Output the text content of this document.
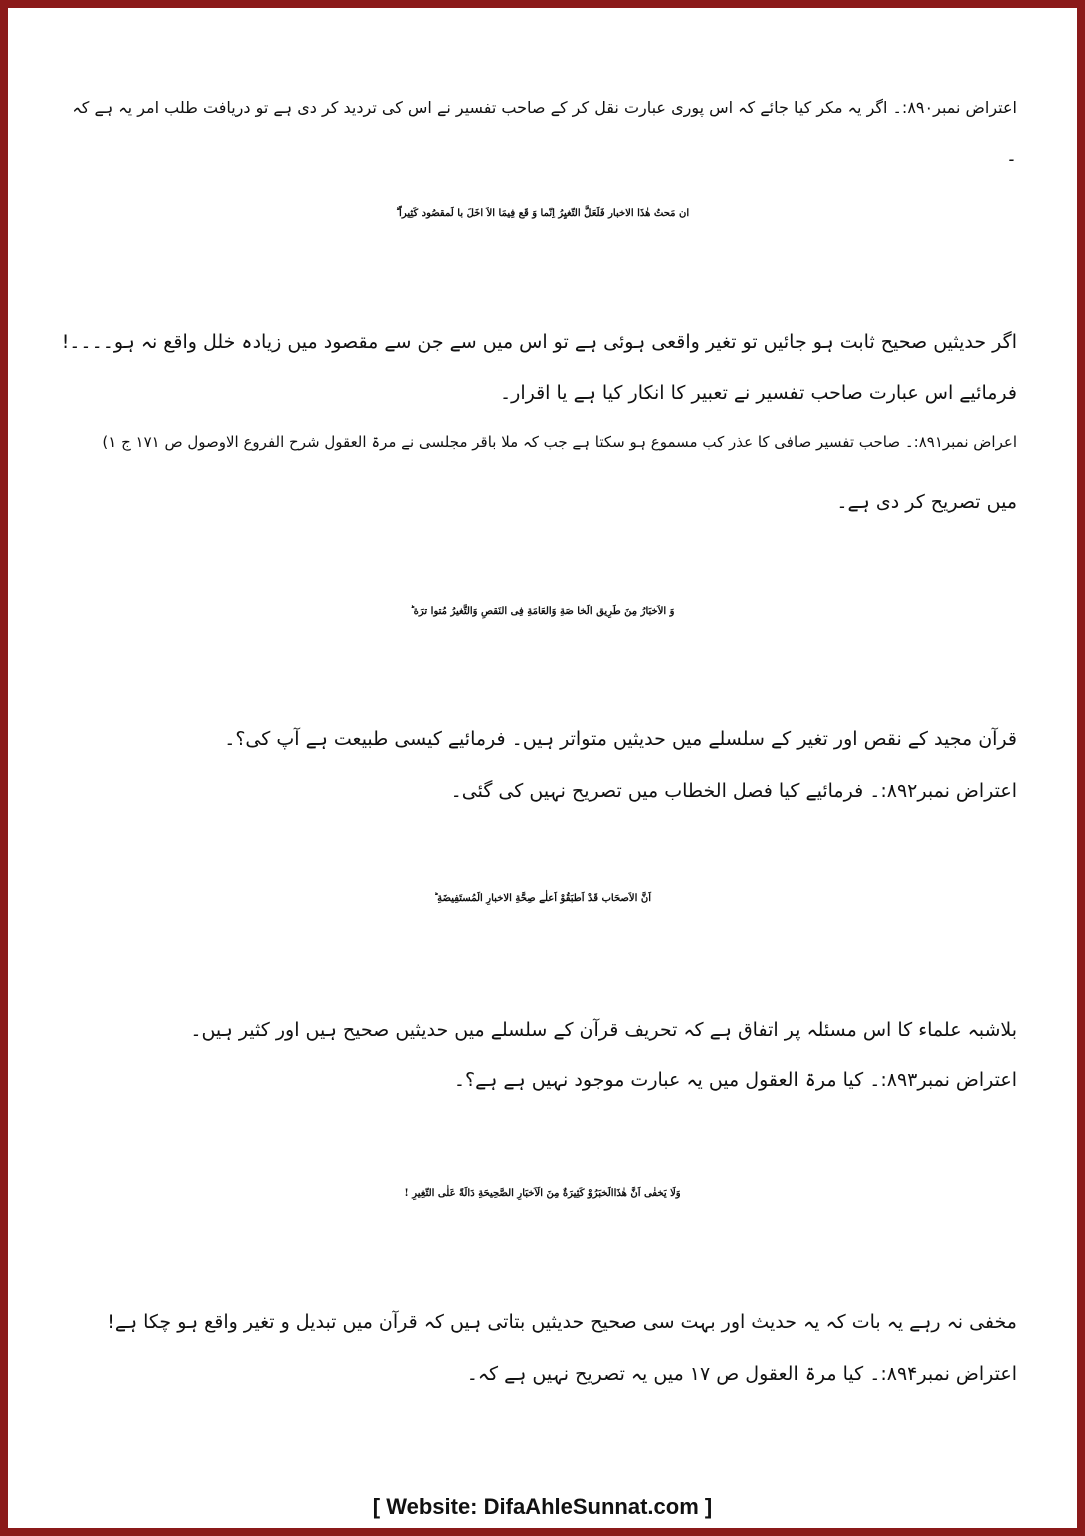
اعتراض نمبر۸۹۰:۔ اگر یہ مکر کیا جائے کہ اس پوری عبارت نقل کر کے صاحب تفسیر نے اس کی تردید کر دی ہے تو دریافت طلب امر یہ ہے کہ
۔
ان مَحتُ هٰذَا الاخبار فَلَعَلَّ التّغیِرُ اِنّما وَ قَع فِیمَا الاَ اخَلَ با لَمقصُود کَثِیراً ؕ
اگر حدیثیں صحیح ثابت ہو جائیں تو تغیر واقعی ہوئی ہے تو اس میں سے جن سے مقصود میں زیادہ خلل واقع نہ ہو۔۔۔۔!
فرمائیے اس عبارت صاحب تفسیر نے تعبیر کا انکار کیا ہے یا اقرار۔
اعراض نمبر۸۹۱:۔ صاحب تفسیر صافی کا عذر کب مسموع ہو سکتا ہے جب کہ ملا باقر مجلسی نے مرۃ العقول شرح الفروع الاوصول ص ۱۷۱ ج ۱)
میں تصریح کر دی ہے۔
وَ الاَخبَارُ مِنَ طَرِیق الَخا صَةِ وَالعَامَةِ فِی النَقصِ وَالتَّغیرُ مُتوا ترَة ؕ
قرآن مجید کے نقص اور تغیر کے سلسلے میں حدیثیں متواتر ہیں۔ فرمائیے کیسی طبیعت ہے آپ کی؟۔
اعتراض نمبر۸۹۲:۔ فرمائیے کیا فصل الخطاب میں تصریح نہیں کی گئی۔
اَنَّ الاَصحَاب قَدْ اَطبَقُوْ اَعلٰے صِحَّةِ الاخبارِ الَمُستَفِیضَةِ ؕ
بلاشبہ علماء کا اس مسئلہ پر اتفاق ہے کہ تحریف قرآن کے سلسلے میں حدیثیں صحیح ہیں اور کثیر ہیں۔
اعتراض نمبر۸۹۳:۔ کیا مرۃ العقول میں یہ عبارت موجود نہیں ہے ہے؟۔
وَلَا یَخفٰی اَنَّ هٰذَاالَخبَرُوْ کَثِیرَةٌ مِنَ الَاَخبَارِ الصَّحِیحَةِ دَالَةً عَلٰی التّغِیرِ !
مخفی نہ رہے یہ بات کہ یہ حدیث اور بہت سی صحیح حدیثیں بتاتی ہیں کہ قرآن میں تبدیل و تغیر واقع ہو چکا ہے!
اعتراض نمبر۸۹۴:۔ کیا مرۃ العقول ص ۱۷ میں یہ تصریح نہیں ہے کہ۔
[ Website: DifaAhleSunnat.com ]
